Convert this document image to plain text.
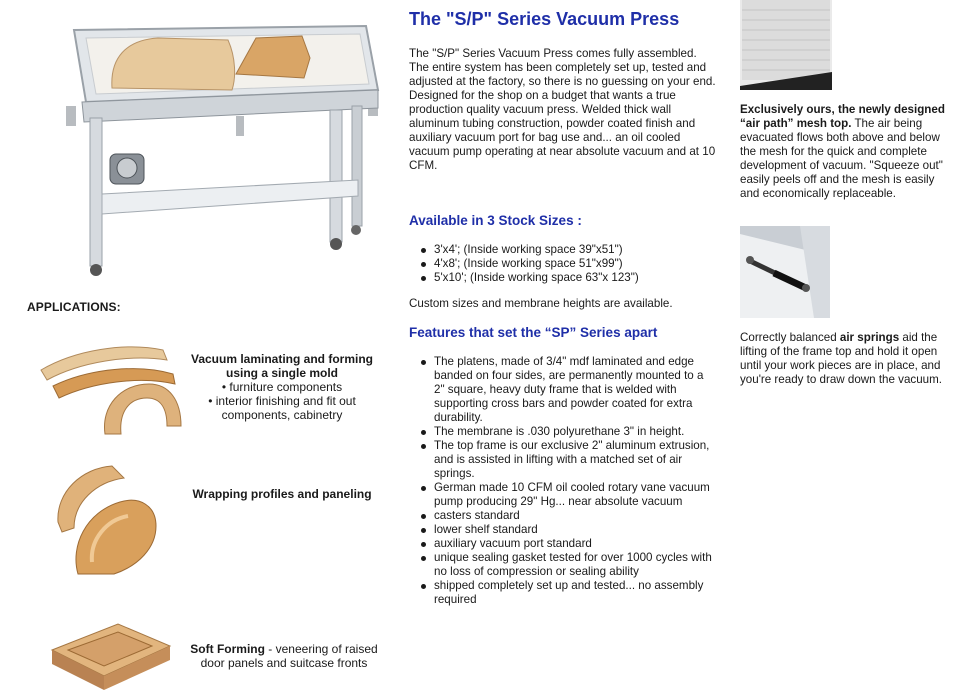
APPLICATIONS:
Vacuum laminating and forming using a single mold
• furniture components
• interior finishing and fit out components, cabinetry
Wrapping profiles and paneling
Soft Forming - veneering of raised door panels and suitcase fronts
The "S/P" Series Vacuum Press
The "S/P" Series Vacuum Press comes fully assembled. The entire system has been completely set up, tested and adjusted at the factory, so there is no guessing on your end. Designed for the shop on a budget that wants a true production quality vacuum press. Welded thick wall aluminum tubing construction, powder coated finish and auxiliary vacuum port for bag use and... an oil cooled vacuum pump operating at near absolute vacuum and at 10 CFM.
Available in 3 Stock Sizes :
3'x4'; (Inside working space 39"x51")
4'x8'; (Inside working space 51"x99")
5'x10'; (Inside working space 63"x 123")
Custom sizes and membrane heights are available.
Features that set the “SP” Series apart
The platens, made of 3/4" mdf laminated and edge banded on four sides, are permanently mounted to a 2" square, heavy duty frame that is welded with supporting cross bars and powder coated for extra durability.
The membrane is .030 polyurethane 3" in height.
The top frame is our exclusive 2" aluminum extrusion, and is assisted in lifting with a matched set of air springs.
German made 10 CFM oil cooled rotary vane vacuum pump producing 29" Hg... near absolute vacuum
casters standard
lower shelf standard
auxiliary vacuum port standard
unique sealing gasket tested for over 1000 cycles with no loss of compression or sealing ability
shipped completely set up and tested... no assembly required
Exclusively ours, the newly designed “air path” mesh top. The air being evacuated flows both above and below the mesh for the quick and complete development of vacuum. "Squeeze out" easily peels off and the mesh is easily and economically replaceable.
Correctly balanced air springs aid the lifting of the frame top and hold it open until your work pieces are in place, and you're ready to draw down the vacuum.
